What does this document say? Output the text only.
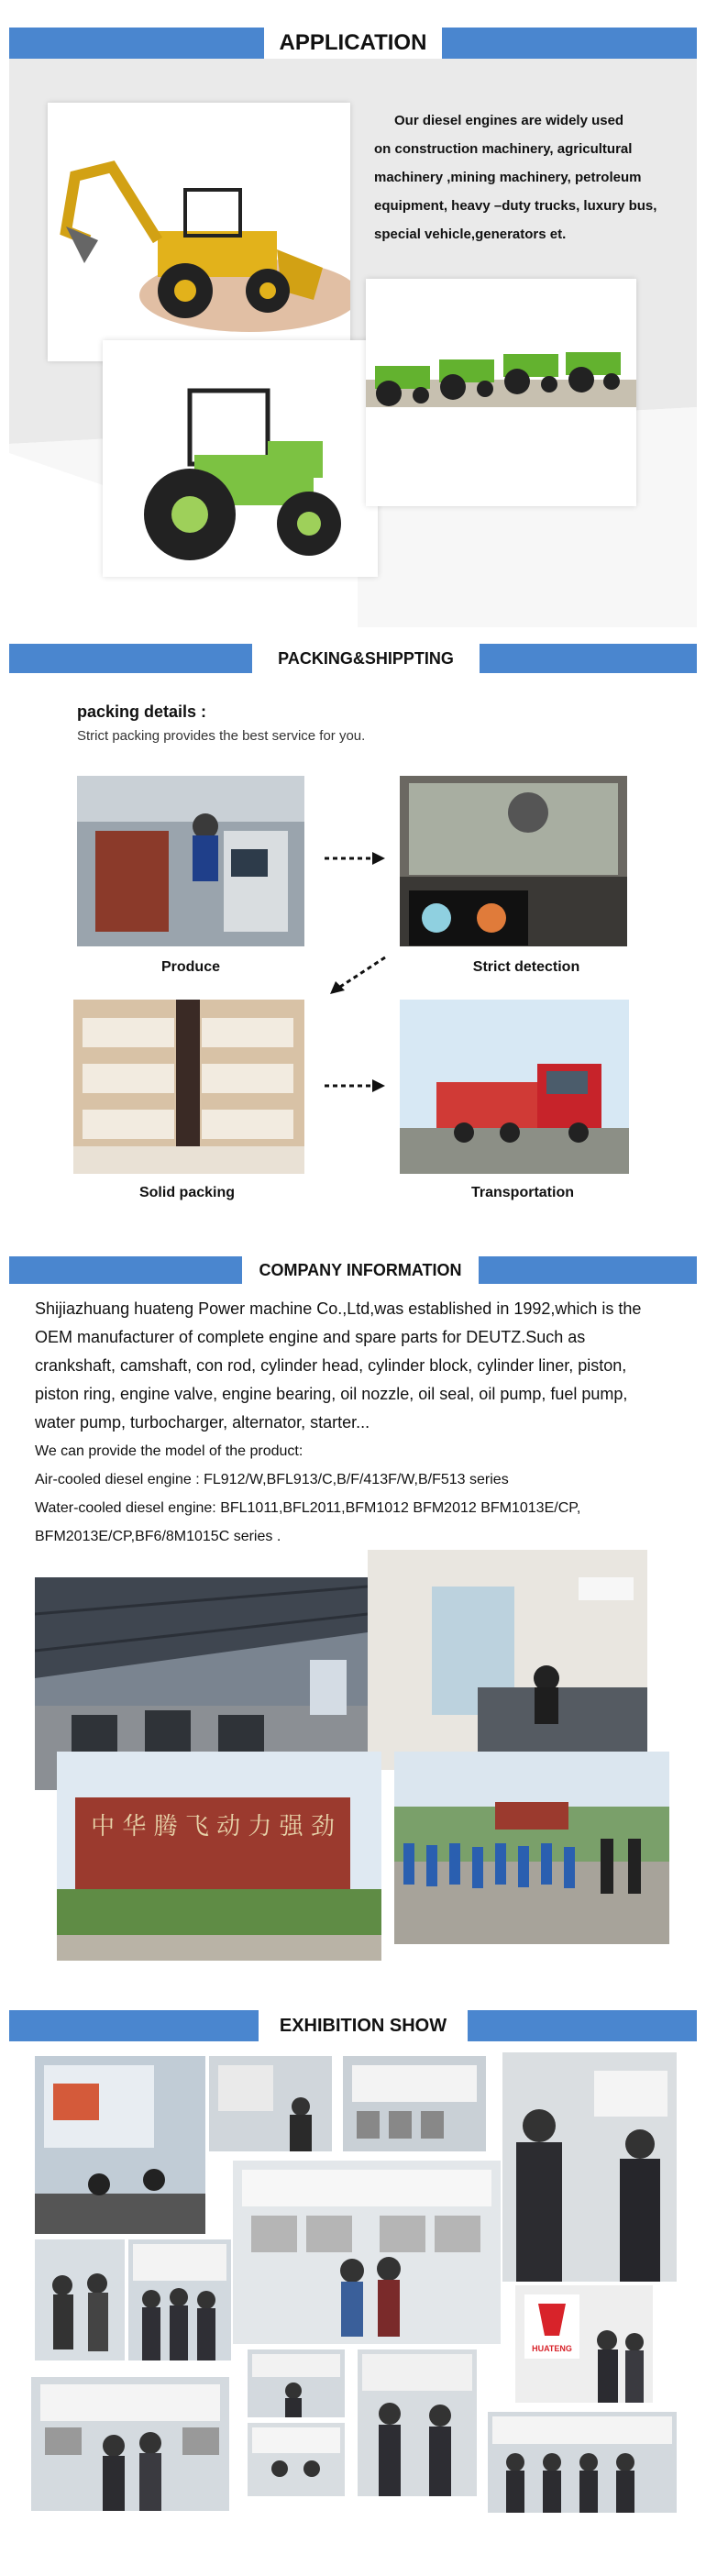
APPLICATION
Our diesel engines are widely used
on construction machinery, agricultural
machinery ,mining machinery, petroleum
equipment, heavy –duty trucks, luxury bus,
special vehicle,generators et.
PACKING&SHIPPTING
packing details :
Strict packing provides the best service for you.
Produce	Strict detection
Solid packing	Transportation
COMPANY INFORMATION
Shijiazhuang huateng Power machine Co.,Ltd,was established in 1992,which is the
OEM manufacturer of complete engine and spare parts for DEUTZ.Such as
crankshaft, camshaft, con rod, cylinder head, cylinder block, cylinder liner, piston,
piston ring, engine valve, engine bearing, oil nozzle, oil seal, oil pump, fuel pump,
water pump, turbocharger, alternator, starter...
We can provide the model of the product:
Air-cooled diesel engine : FL912/W,BFL913/C,B/F/413F/W,B/F513 series
Water-cooled diesel engine: BFL1011,BFL2011,BFM1012 BFM2012 BFM1013E/CP,
BFM2013E/CP,BF6/8M1015C series .
中 华 腾 飞 动 力 强 劲
EXHIBITION SHOW
HUATENG
